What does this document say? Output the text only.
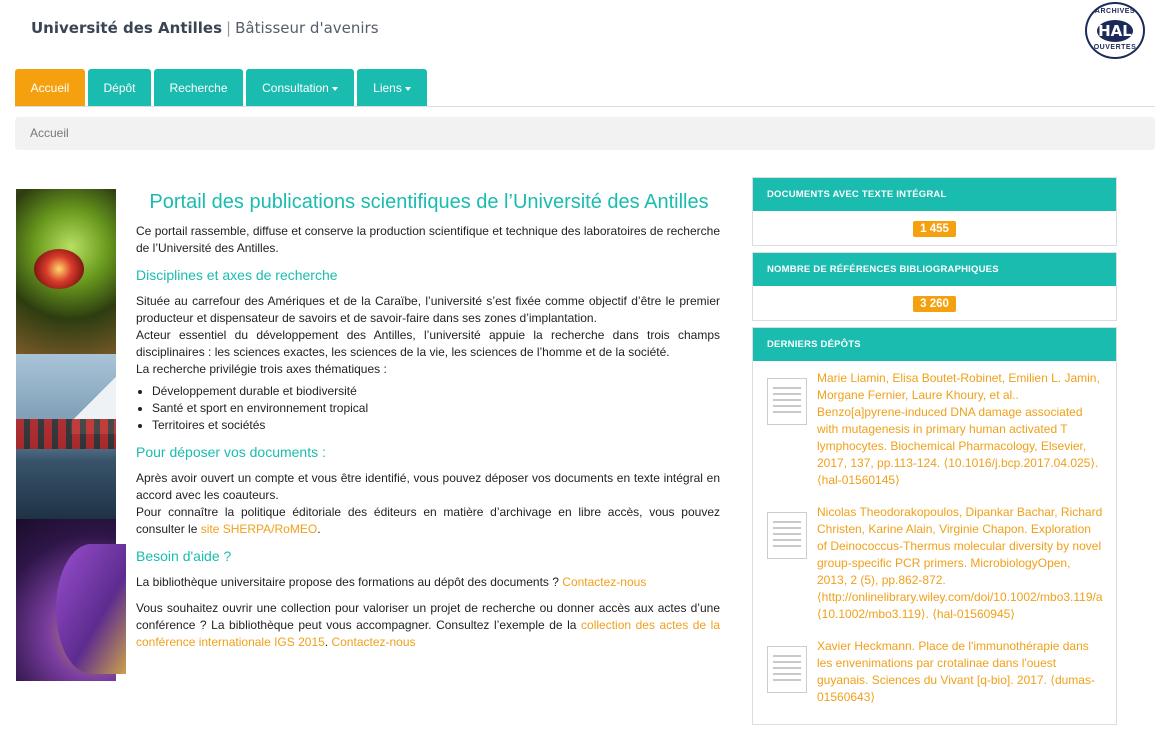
Université des Antilles | Bâtisseur d'avenirs
ARCHIVES
HAL
OUVERTES
Accueil	Dépôt	Recherche	Consultation	Liens
Accueil
Portail des publications scientifiques de l’Université des Antilles

Ce portail rassemble, diffuse et conserve la production scientifique et technique des laboratoires de recherche de l’Université des Antilles.

Disciplines et axes de recherche

Située au carrefour des Amériques et de la Caraïbe, l’université s’est fixée comme objectif d’être le premier producteur et dispensateur de savoirs et de savoir-faire dans ses zones d’implantation.

Acteur essentiel du développement des Antilles, l’université appuie la recherche dans trois champs disciplinaires : les sciences exactes, les sciences de la vie, les sciences de l’homme et de la société.

La recherche privilégie trois axes thématiques :

• Développement durable et biodiversité
• Santé et sport en environnement tropical
• Territoires et sociétés
Pour déposer vos documents :

Après avoir ouvert un compte et vous être identifié, vous pouvez déposer vos documents en texte intégral en accord avec les coauteurs.

Pour connaître la politique éditoriale des éditeurs en matière d’archivage en libre accès, vous pouvez consulter le site SHERPA/RoMEO.

Besoin d'aide ?

La bibliothèque universitaire propose des formations au dépôt des documents ? Contactez-nous

Vous souhaitez ouvrir une collection pour valoriser un projet de recherche ou donner accès aux actes d’une conférence ? La bibliothèque peut vous accompagner. Consultez l’exemple de la collection des actes de la conférence internationale IGS 2015. Contactez-nous

DOCUMENTS AVEC TEXTE INTÉGRAL
1 455
NOMBRE DE RÉFÉRENCES BIBLIOGRAPHIQUES
3 260
DERNIERS DÉPÔTS
Marie Liamin, Elisa Boutet-Robinet, Emilien L. Jamin, Morgane Fernier, Laure Khoury, et al..
Benzo[a]pyrene-induced DNA damage associated with mutagenesis in primary human activated T lymphocytes. Biochemical Pharmacology, Elsevier, 2017, 137, pp.113-124. ⟨10.1016/j.bcp.2017.04.025⟩. ⟨hal-01560145⟩
Nicolas Theodorakopoulos, Dipankar Bachar, Richard Christen, Karine Alain, Virginie Chapon. Exploration of Deinococcus-Thermus molecular diversity by novel group-specific PCR primers. MicrobiologyOpen, 2013, 2 (5), pp.862-872. ⟨http://onlinelibrary.wiley.com/doi/10.1002/mbo3.119/a ⟨10.1002/mbo3.119⟩. ⟨hal-01560945⟩
Xavier Heckmann. Place de l'immunothérapie dans les envenimations par crotalinae dans l'ouest guyanais. Sciences du Vivant [q-bio]. 2017. ⟨dumas-01560643⟩
